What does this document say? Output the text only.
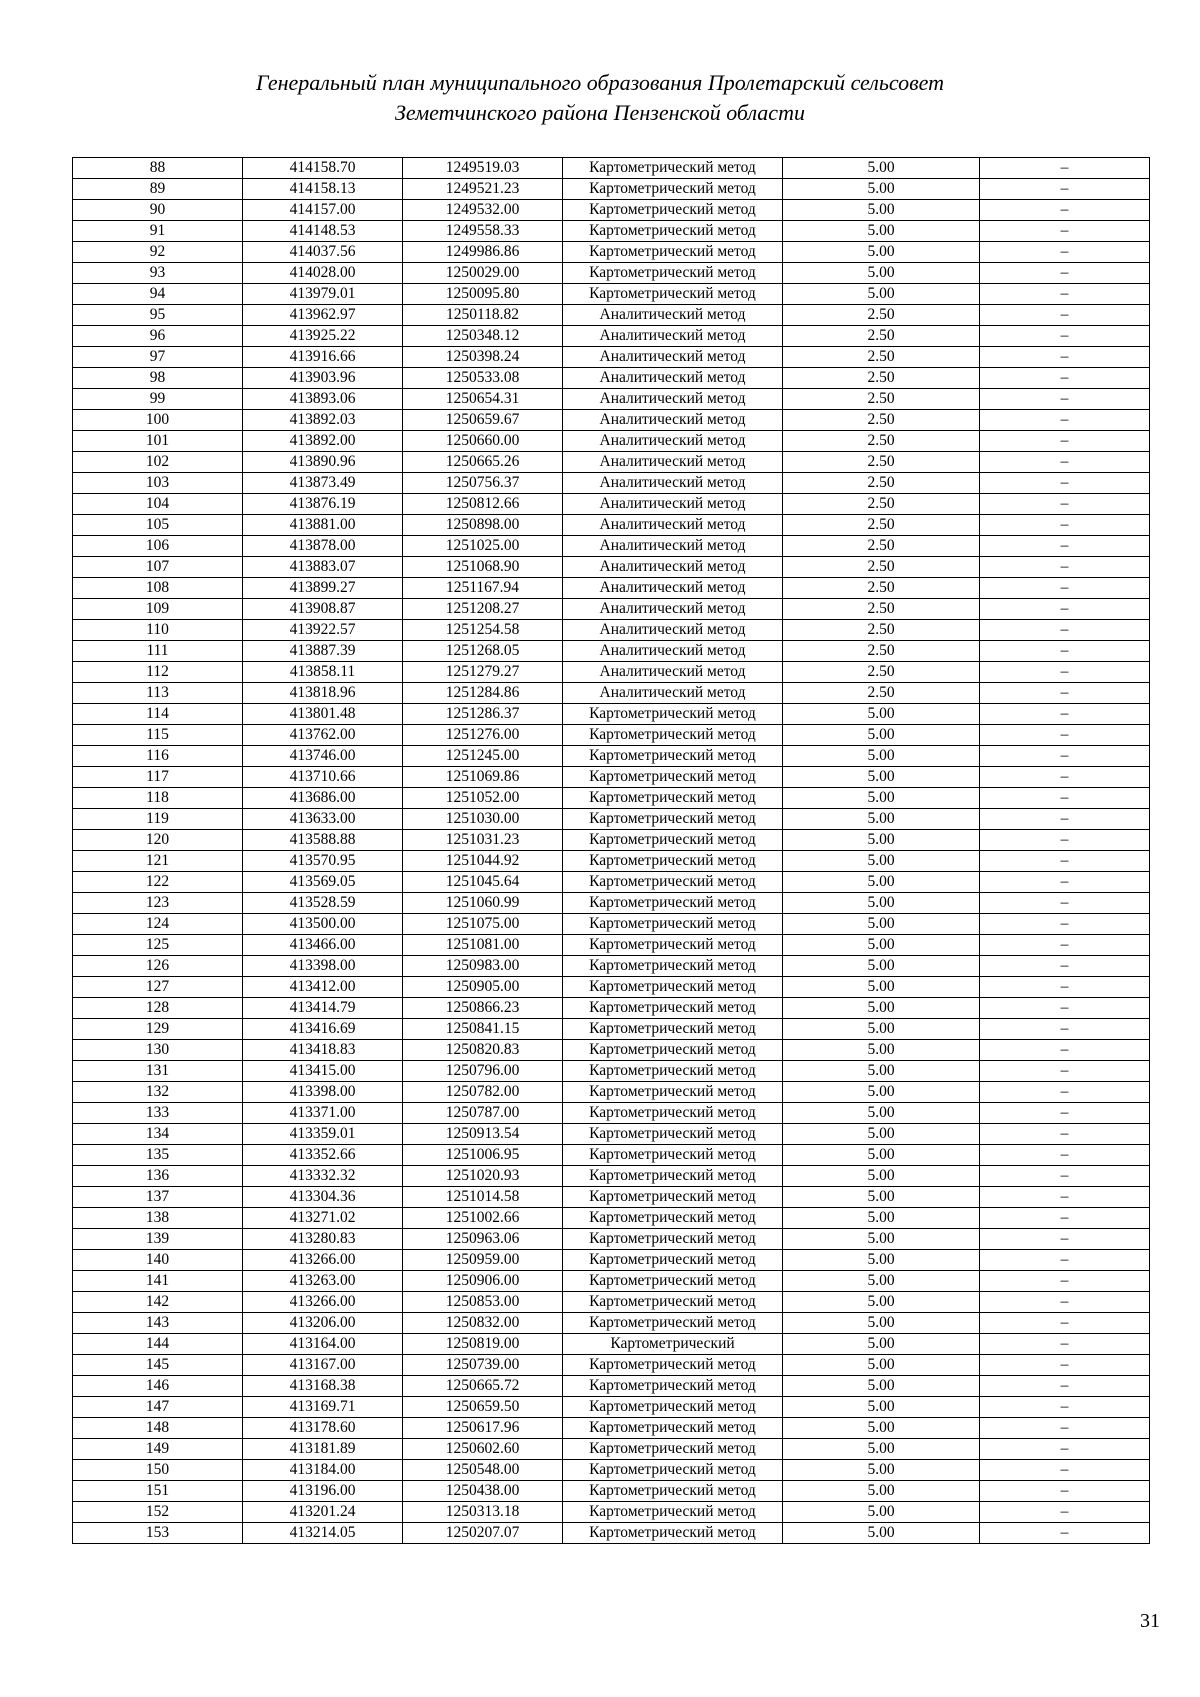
Генеральный план муниципального образования Пролетарский сельсовет
Земетчинского района Пензенской области
88	414158.70	1249519.03	Картометрический метод	5.00	–
89	414158.13	1249521.23	Картометрический метод	5.00	–
90	414157.00	1249532.00	Картометрический метод	5.00	–
91	414148.53	1249558.33	Картометрический метод	5.00	–
92	414037.56	1249986.86	Картометрический метод	5.00	–
93	414028.00	1250029.00	Картометрический метод	5.00	–
94	413979.01	1250095.80	Картометрический метод	5.00	–
95	413962.97	1250118.82	Аналитический метод	2.50	–
96	413925.22	1250348.12	Аналитический метод	2.50	–
97	413916.66	1250398.24	Аналитический метод	2.50	–
98	413903.96	1250533.08	Аналитический метод	2.50	–
99	413893.06	1250654.31	Аналитический метод	2.50	–
100	413892.03	1250659.67	Аналитический метод	2.50	–
101	413892.00	1250660.00	Аналитический метод	2.50	–
102	413890.96	1250665.26	Аналитический метод	2.50	–
103	413873.49	1250756.37	Аналитический метод	2.50	–
104	413876.19	1250812.66	Аналитический метод	2.50	–
105	413881.00	1250898.00	Аналитический метод	2.50	–
106	413878.00	1251025.00	Аналитический метод	2.50	–
107	413883.07	1251068.90	Аналитический метод	2.50	–
108	413899.27	1251167.94	Аналитический метод	2.50	–
109	413908.87	1251208.27	Аналитический метод	2.50	–
110	413922.57	1251254.58	Аналитический метод	2.50	–
111	413887.39	1251268.05	Аналитический метод	2.50	–
112	413858.11	1251279.27	Аналитический метод	2.50	–
113	413818.96	1251284.86	Аналитический метод	2.50	–
114	413801.48	1251286.37	Картометрический метод	5.00	–
115	413762.00	1251276.00	Картометрический метод	5.00	–
116	413746.00	1251245.00	Картометрический метод	5.00	–
117	413710.66	1251069.86	Картометрический метод	5.00	–
118	413686.00	1251052.00	Картометрический метод	5.00	–
119	413633.00	1251030.00	Картометрический метод	5.00	–
120	413588.88	1251031.23	Картометрический метод	5.00	–
121	413570.95	1251044.92	Картометрический метод	5.00	–
122	413569.05	1251045.64	Картометрический метод	5.00	–
123	413528.59	1251060.99	Картометрический метод	5.00	–
124	413500.00	1251075.00	Картометрический метод	5.00	–
125	413466.00	1251081.00	Картометрический метод	5.00	–
126	413398.00	1250983.00	Картометрический метод	5.00	–
127	413412.00	1250905.00	Картометрический метод	5.00	–
128	413414.79	1250866.23	Картометрический метод	5.00	–
129	413416.69	1250841.15	Картометрический метод	5.00	–
130	413418.83	1250820.83	Картометрический метод	5.00	–
131	413415.00	1250796.00	Картометрический метод	5.00	–
132	413398.00	1250782.00	Картометрический метод	5.00	–
133	413371.00	1250787.00	Картометрический метод	5.00	–
134	413359.01	1250913.54	Картометрический метод	5.00	–
135	413352.66	1251006.95	Картометрический метод	5.00	–
136	413332.32	1251020.93	Картометрический метод	5.00	–
137	413304.36	1251014.58	Картометрический метод	5.00	–
138	413271.02	1251002.66	Картометрический метод	5.00	–
139	413280.83	1250963.06	Картометрический метод	5.00	–
140	413266.00	1250959.00	Картометрический метод	5.00	–
141	413263.00	1250906.00	Картометрический метод	5.00	–
142	413266.00	1250853.00	Картометрический метод	5.00	–
143	413206.00	1250832.00	Картометрический метод	5.00	–
144	413164.00	1250819.00	Картометрический	5.00	–
145	413167.00	1250739.00	Картометрический метод	5.00	–
146	413168.38	1250665.72	Картометрический метод	5.00	–
147	413169.71	1250659.50	Картометрический метод	5.00	–
148	413178.60	1250617.96	Картометрический метод	5.00	–
149	413181.89	1250602.60	Картометрический метод	5.00	–
150	413184.00	1250548.00	Картометрический метод	5.00	–
151	413196.00	1250438.00	Картометрический метод	5.00	–
152	413201.24	1250313.18	Картометрический метод	5.00	–
153	413214.05	1250207.07	Картометрический метод	5.00	–
31
